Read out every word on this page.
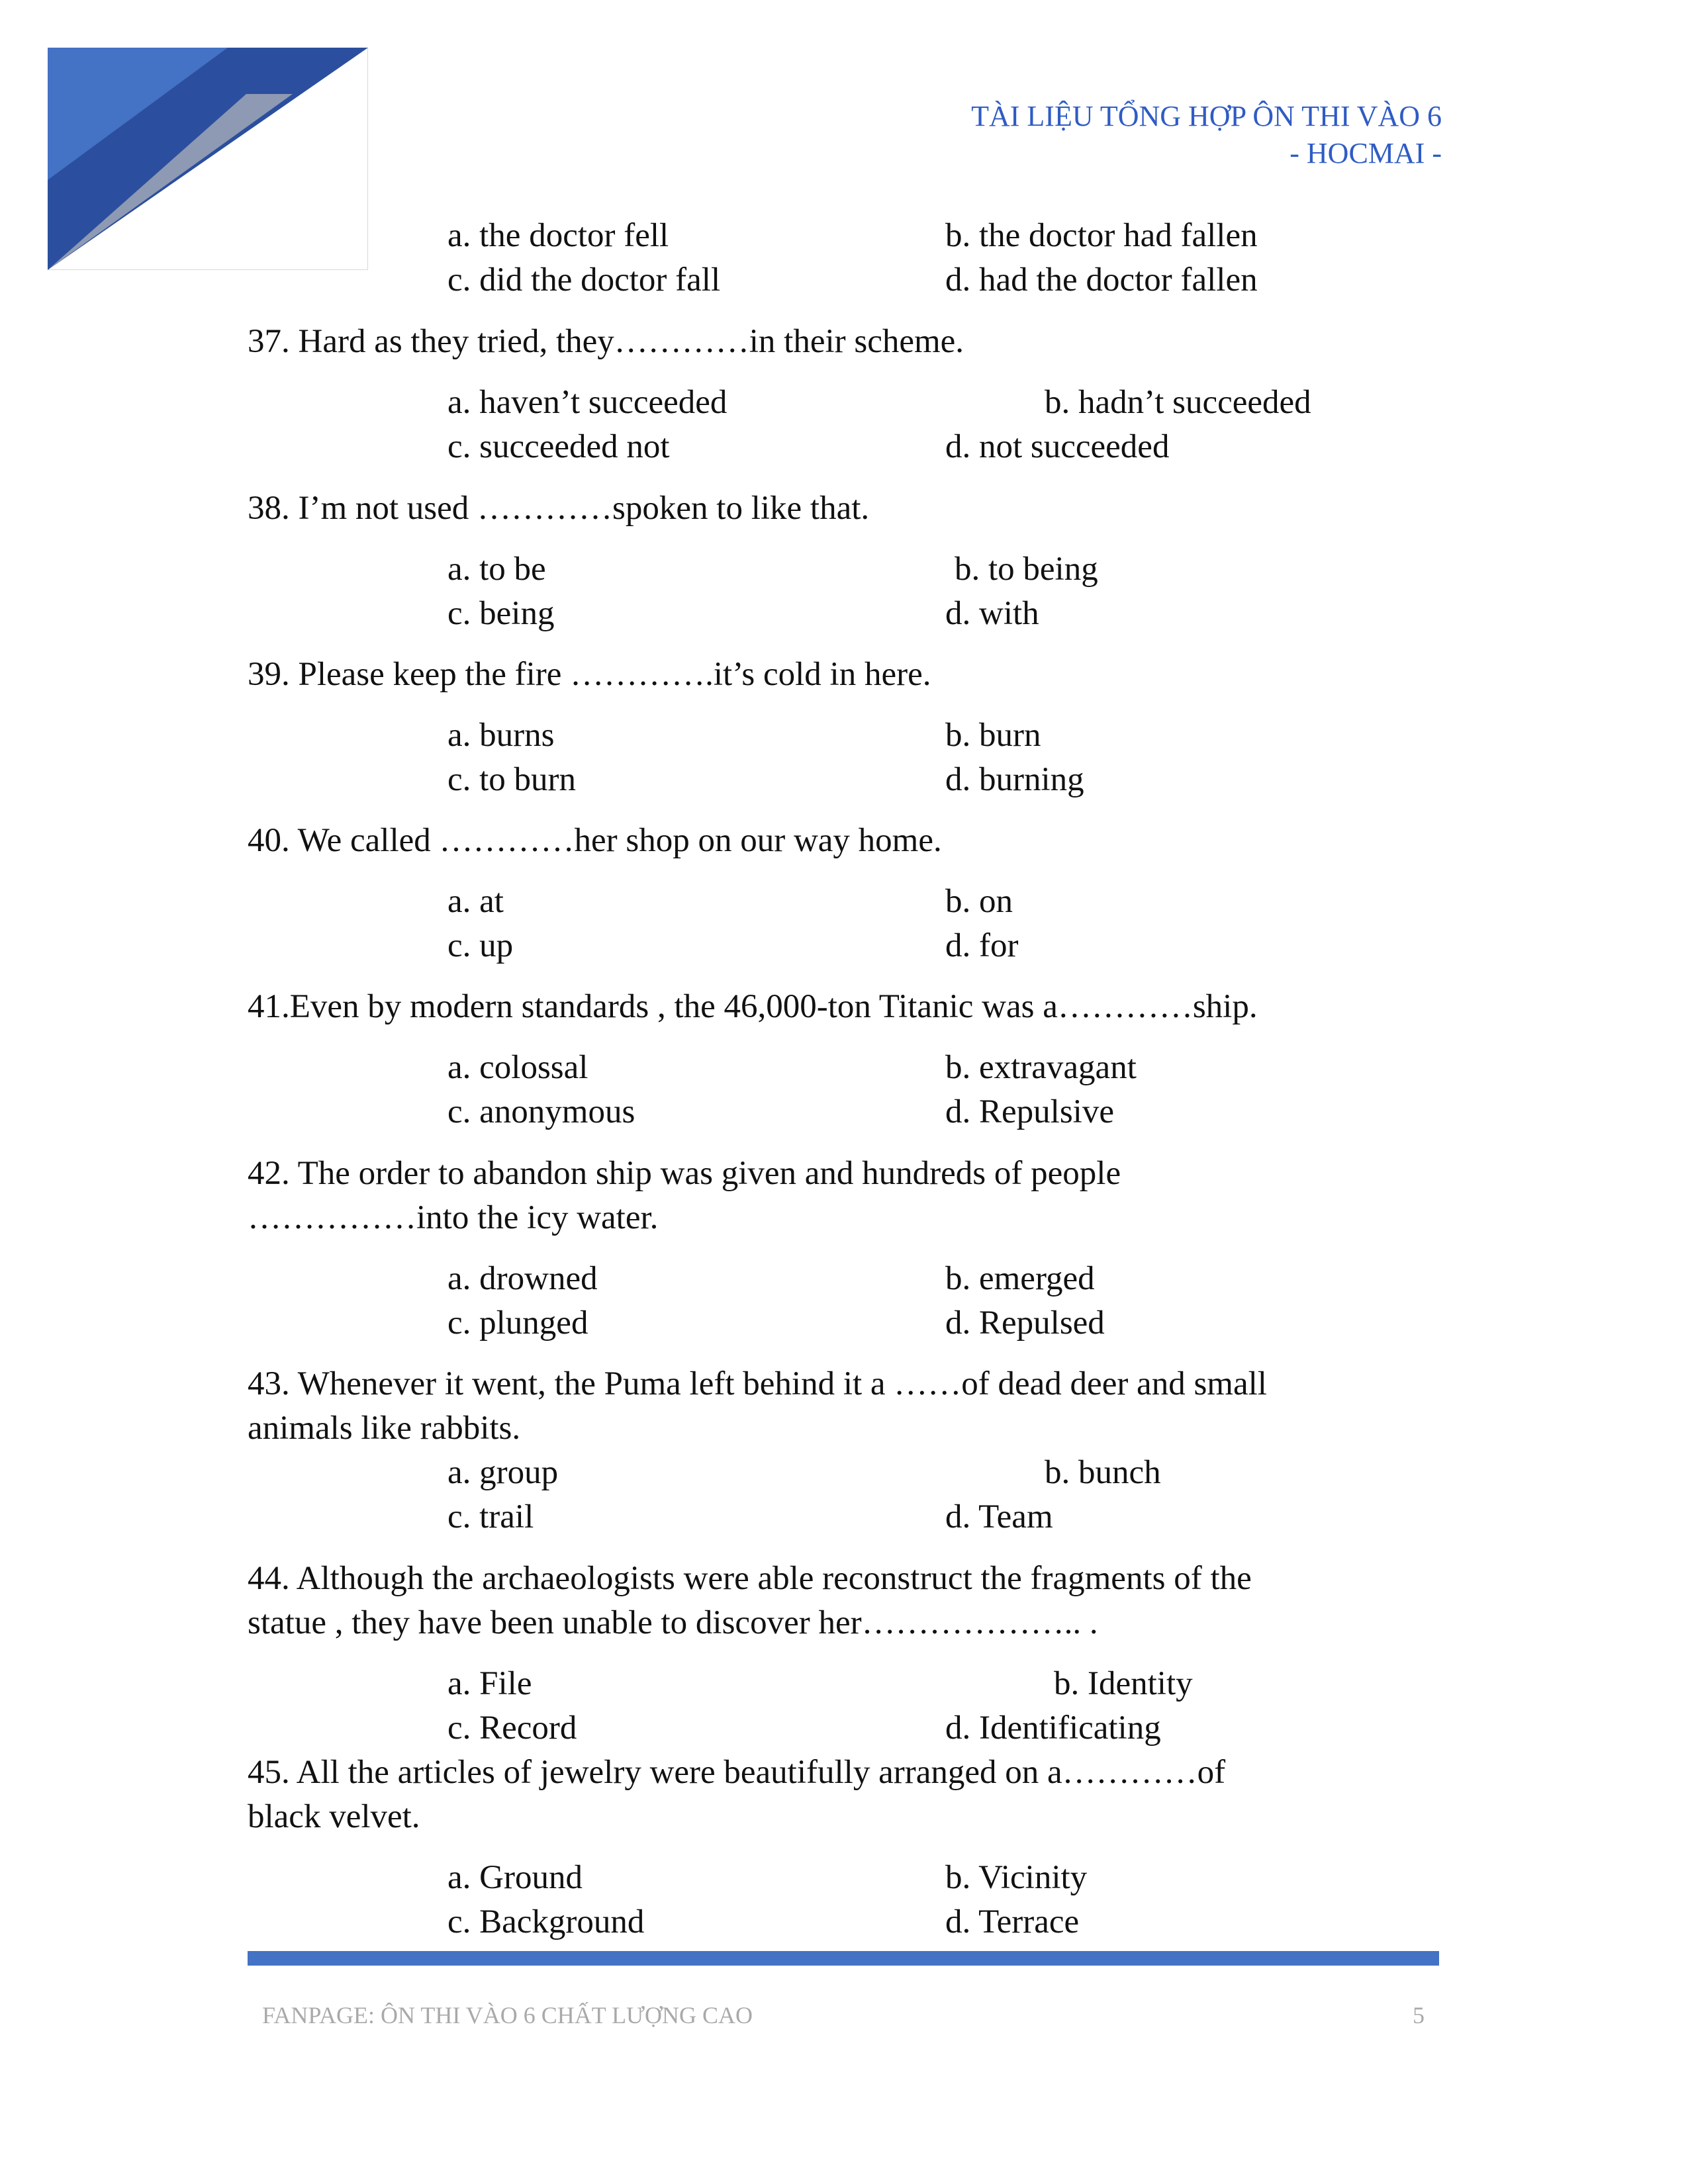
TÀI LIỆU TỔNG HỢP ÔN THI VÀO 6
- HOCMAI -
a. the doctor fell	b. the doctor had fallen
c. did the doctor fall	d. had the doctor fallen
37. Hard as they tried, they…………in their scheme.
a. haven’t succeeded	b. hadn’t succeeded
c. succeeded not	d. not succeeded
38. I’m not used …………spoken to like that.
a. to be	b. to being
c. being	d. with
39. Please keep the fire ………….it’s cold in here.
a. burns	b. burn
c. to burn	d. burning
40. We called …………her shop on our way home.
a. at	b. on
c. up	d. for
41.Even by modern standards , the 46,000-ton Titanic was a…………ship.
a. colossal	b. extravagant
c. anonymous	d. Repulsive
42. The order to abandon ship was given and hundreds of people
……………into the icy water.
a. drowned	b. emerged
c. plunged	d. Repulsed
43. Whenever it went, the Puma left behind it a ……of dead deer and small
animals like rabbits.
a. group	b. bunch
c. trail	d. Team
44. Although the archaeologists were able reconstruct the fragments of the
statue , they have been unable to discover her……………….. .
a. File	b. Identity
c. Record	d. Identificating
45. All the articles of jewelry were beautifully arranged on a…………of
black velvet.
a. Ground	b. Vicinity
c. Background	d. Terrace
FANPAGE: ÔN THI VÀO 6 CHẤT LƯỢNG CAO	5
